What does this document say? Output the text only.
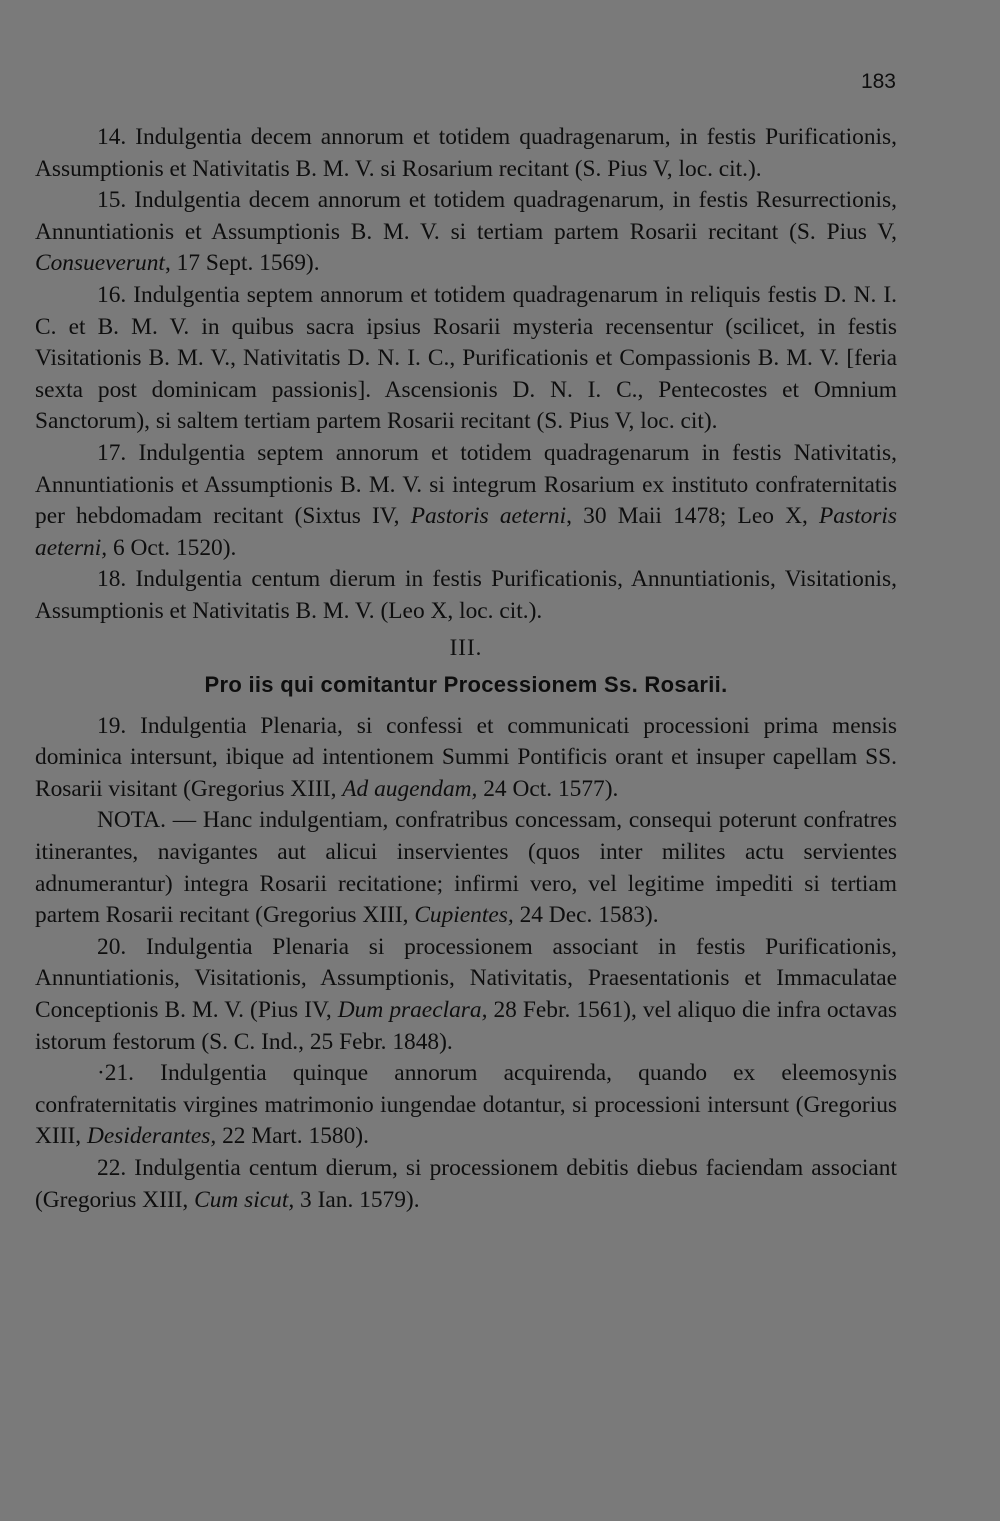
183

14. Indulgentia decem annorum et totidem quadragenarum, in festis Purificationis, Assumptionis et Nativitatis B. M. V. si Rosarium recitant (S. Pius V, loc. cit.).

15. Indulgentia decem annorum et totidem quadragenarum, in festis Resurrectionis, Annuntiationis et Assumptionis B. M. V. si tertiam partem Rosarii recitant (S. Pius V, Consueverunt, 17 Sept. 1569).

16. Indulgentia septem annorum et totidem quadragenarum in reliquis festis D. N. I. C. et B. M. V. in quibus sacra ipsius Rosarii mysteria recensentur (scilicet, in festis Visitationis B. M. V., Nativitatis D. N. I. C., Purificationis et Compassionis B. M. V. [feria sexta post dominicam passionis]. Ascensionis D. N. I. C., Pentecostes et Omnium Sanctorum), si saltem tertiam partem Rosarii recitant (S. Pius V, loc. cit).

17. Indulgentia septem annorum et totidem quadragenarum in festis Nativitatis, Annuntiationis et Assumptionis B. M. V. si integrum Rosarium ex instituto confraternitatis per hebdomadam recitant (Sixtus IV, Pastoris aeterni, 30 Maii 1478; Leo X, Pastoris aeterni, 6 Oct. 1520).

18. Indulgentia centum dierum in festis Purificationis, Annuntiationis, Visitationis, Assumptionis et Nativitatis B. M. V. (Leo X, loc. cit.).

III.
Pro iis qui comitantur Processionem Ss. Rosarii.

19. Indulgentia Plenaria, si confessi et communicati processioni prima mensis dominica intersunt, ibique ad intentionem Summi Pontificis orant et insuper capellam SS. Rosarii visitant (Gregorius XIII, Ad augendam, 24 Oct. 1577).

NOTA. — Hanc indulgentiam, confratribus concessam, consequi poterunt confratres itinerantes, navigantes aut alicui inservientes (quos inter milites actu servientes adnumerantur) integra Rosarii recitatione; infirmi vero, vel legitime impediti si tertiam partem Rosarii recitant (Gregorius XIII, Cupientes, 24 Dec. 1583).

20. Indulgentia Plenaria si processionem associant in festis Purificationis, Annuntiationis, Visitationis, Assumptionis, Nativitatis, Praesentationis et Immaculatae Conceptionis B. M. V. (Pius IV, Dum praeclara, 28 Febr. 1561), vel aliquo die infra octavas istorum festorum (S. C. Ind., 25 Febr. 1848).

·21. Indulgentia quinque annorum acquirenda, quando ex eleemosynis confraternitatis virgines matrimonio iungendae dotantur, si processioni intersunt (Gregorius XIII, Desiderantes, 22 Mart. 1580).

22. Indulgentia centum dierum, si processionem debitis diebus faciendam associant (Gregorius XIII, Cum sicut, 3 Ian. 1579).
